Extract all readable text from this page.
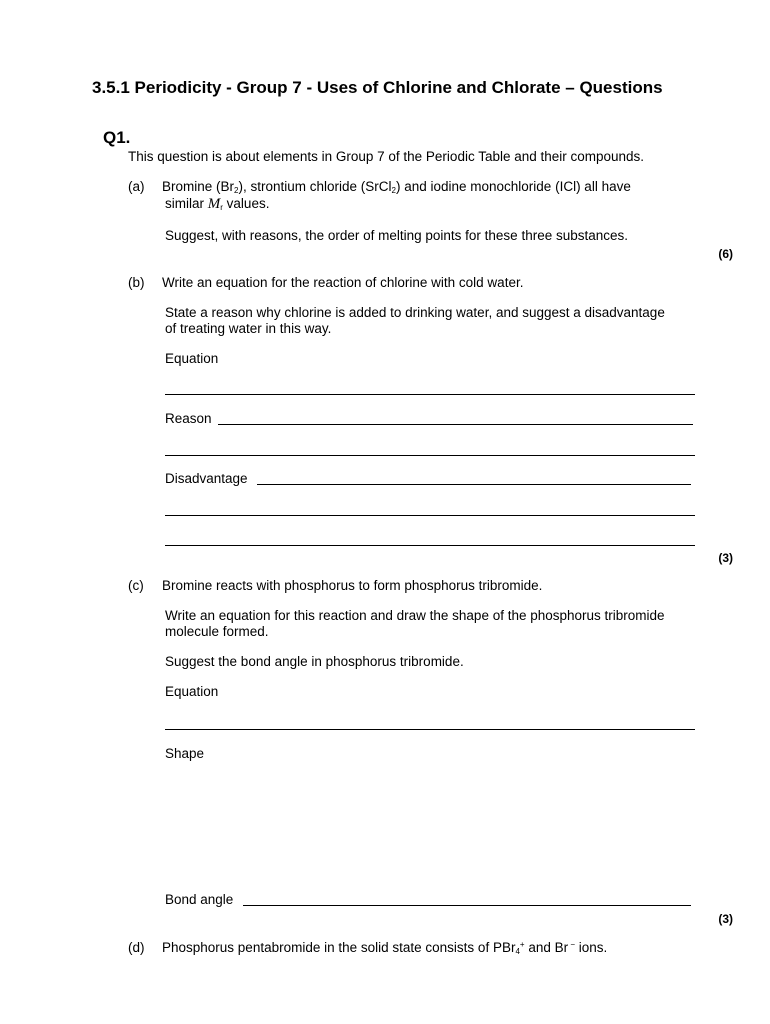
3.5.1 Periodicity - Group 7 - Uses of Chlorine and Chlorate – Questions
Q1.
This question is about elements in Group 7 of the Periodic Table and their compounds.
(a) Bromine $(Br_2)$, strontium chloride (SrCl$_2$) and iodine monochloride (ICl) all have
similar $M_r$ values.
Suggest, with reasons, the order of melting points for these three substances.
(6)
(b) Write an equation for the reaction of chlorine with cold water.
State a reason why chlorine is added to drinking water, and suggest a disadvantage
of treating water in this way.
Equation
Reason
Disadvantage
(3)
(c) Bromine reacts with phosphorus to form phosphorus tribromide.
Write an equation for this reaction and draw the shape of the phosphorus tribromide
molecule formed.
Suggest the bond angle in phosphorus tribromide.
Equation
Shape
Bond angle
(3)
(d) Phosphorus pentabromide in the solid state consists of PBr$_4$+ and Br − ions.
